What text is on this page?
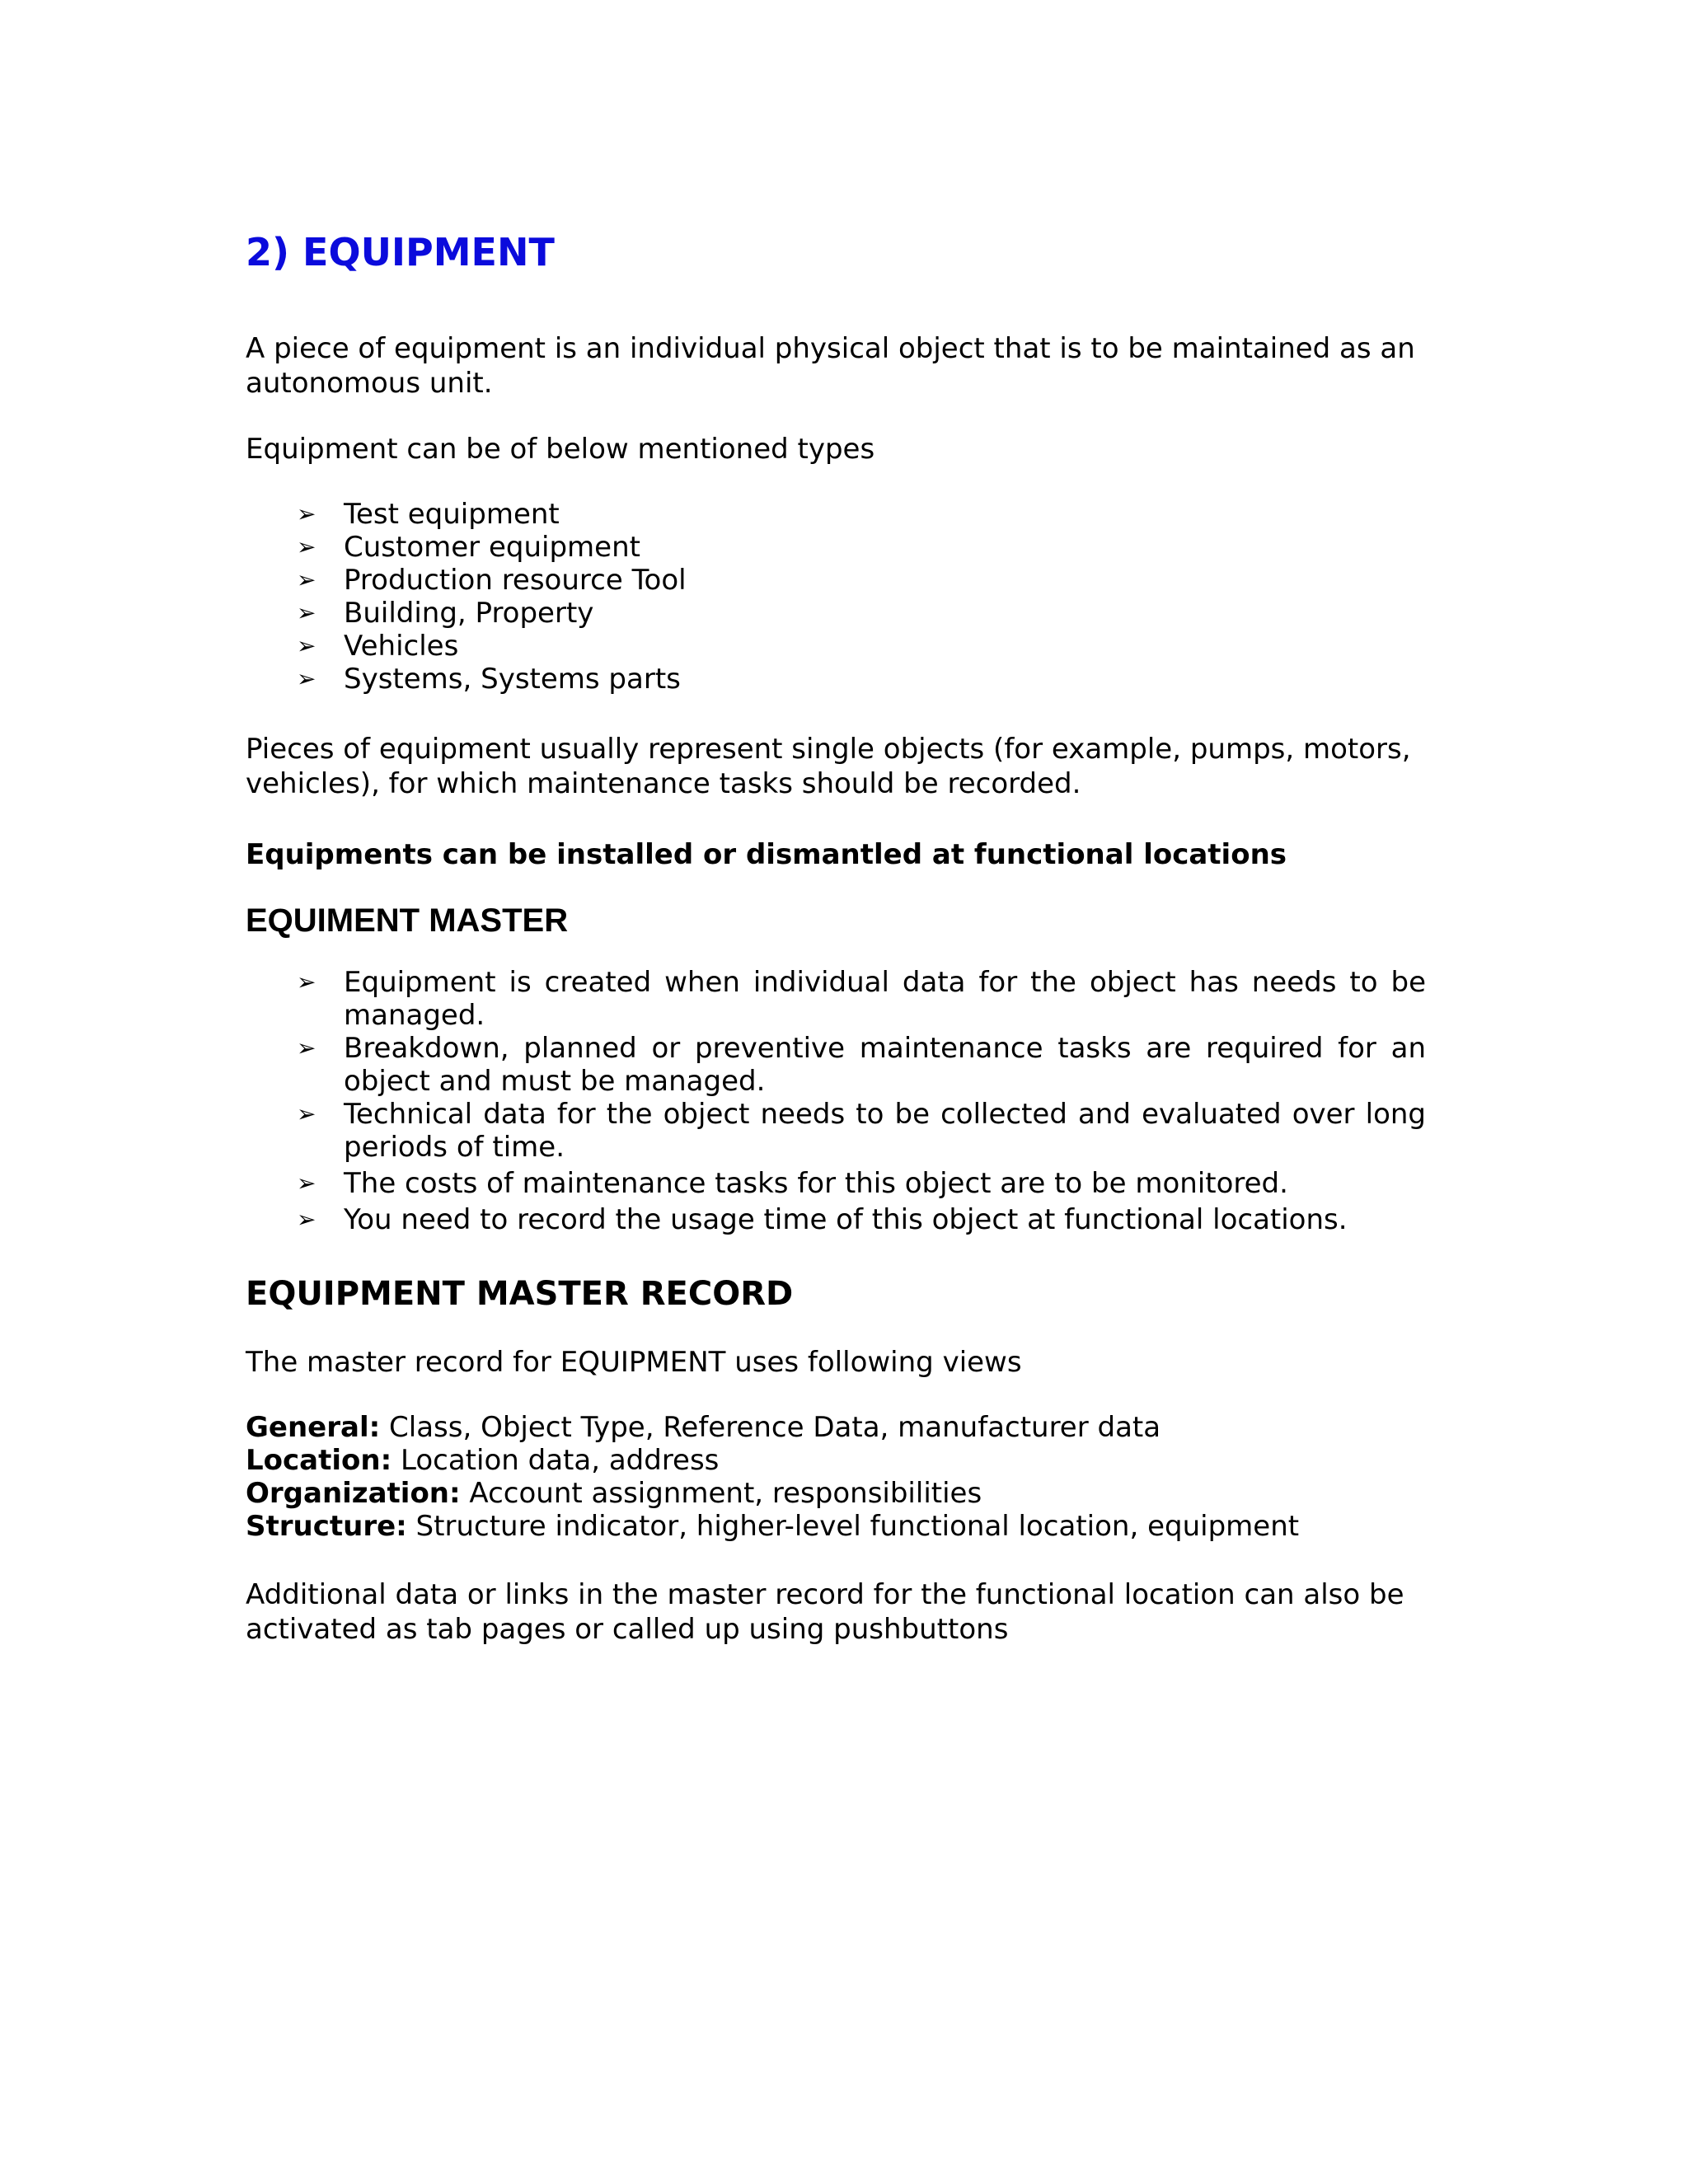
2) EQUIPMENT

A piece of equipment is an individual physical object that is to be maintained as an autonomous unit.

Equipment can be of below mentioned types

➢ Test equipment
➢ Customer equipment
➢ Production resource Tool
➢ Building, Property
➢ Vehicles
➢ Systems, Systems parts

Pieces of equipment usually represent single objects (for example, pumps, motors, vehicles), for which maintenance tasks should be recorded.

Equipments can be installed or dismantled at functional locations

EQUIMENT MASTER
➢ Equipment is created when individual data for the object has needs to be managed.
➢ Breakdown, planned or preventive maintenance tasks are required for an object and must be managed.
➢ Technical data for the object needs to be collected and evaluated over long periods of time.
➢ The costs of maintenance tasks for this object are to be monitored.
➢ You need to record the usage time of this object at functional locations.
EQUIPMENT MASTER RECORD

The master record for EQUIPMENT uses following views

General: Class, Object Type, Reference Data, manufacturer data
Location: Location data, address
Organization: Account assignment, responsibilities
Structure: Structure indicator, higher-level functional location, equipment

Additional data or links in the master record for the functional location can also be activated as tab pages or called up using pushbuttons
